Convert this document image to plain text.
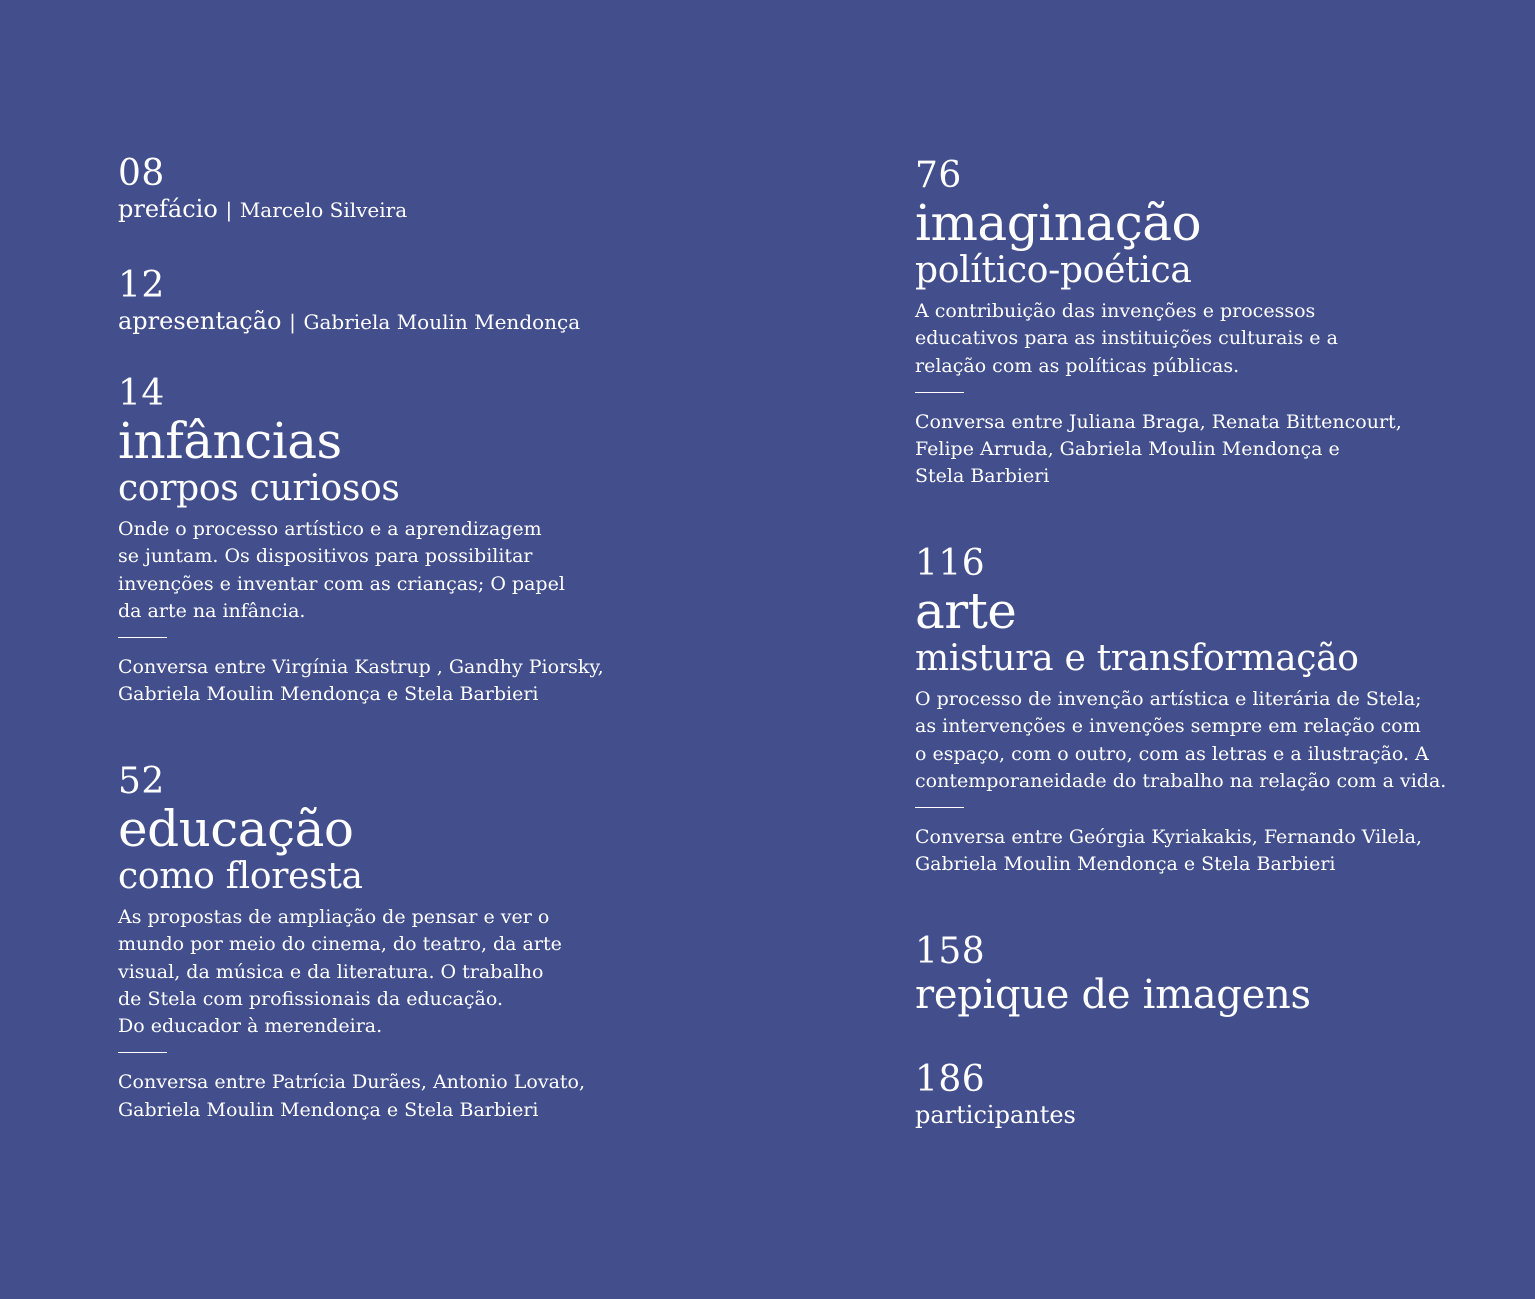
08
prefácio | Marcelo Silveira
12
apresentação | Gabriela Moulin Mendonça
14
infâncias
corpos curiosos
Onde o processo artístico e a aprendizagem
se juntam. Os dispositivos para possibilitar
invenções e inventar com as crianças; O papel
da arte na infância.
Conversa entre Virgínia Kastrup , Gandhy Piorsky,
Gabriela Moulin Mendonça e Stela Barbieri
52
educação
como floresta
As propostas de ampliação de pensar e ver o
mundo por meio do cinema, do teatro, da arte
visual, da música e da literatura. O trabalho
de Stela com profissionais da educação.
Do educador à merendeira.
Conversa entre Patrícia Durães, Antonio Lovato,
Gabriela Moulin Mendonça e Stela Barbieri
76
imaginação
político-poética
A contribuição das invenções e processos
educativos para as instituições culturais e a
relação com as políticas públicas.
Conversa entre Juliana Braga, Renata Bittencourt,
Felipe Arruda, Gabriela Moulin Mendonça e
Stela Barbieri
116
arte
mistura e transformação
O processo de invenção artística e literária de Stela;
as intervenções e invenções sempre em relação com
o espaço, com o outro, com as letras e a ilustração. A
contemporaneidade do trabalho na relação com a vida.
Conversa entre Geórgia Kyriakakis, Fernando Vilela,
Gabriela Moulin Mendonça e Stela Barbieri
158
repique de imagens
186
participantes
